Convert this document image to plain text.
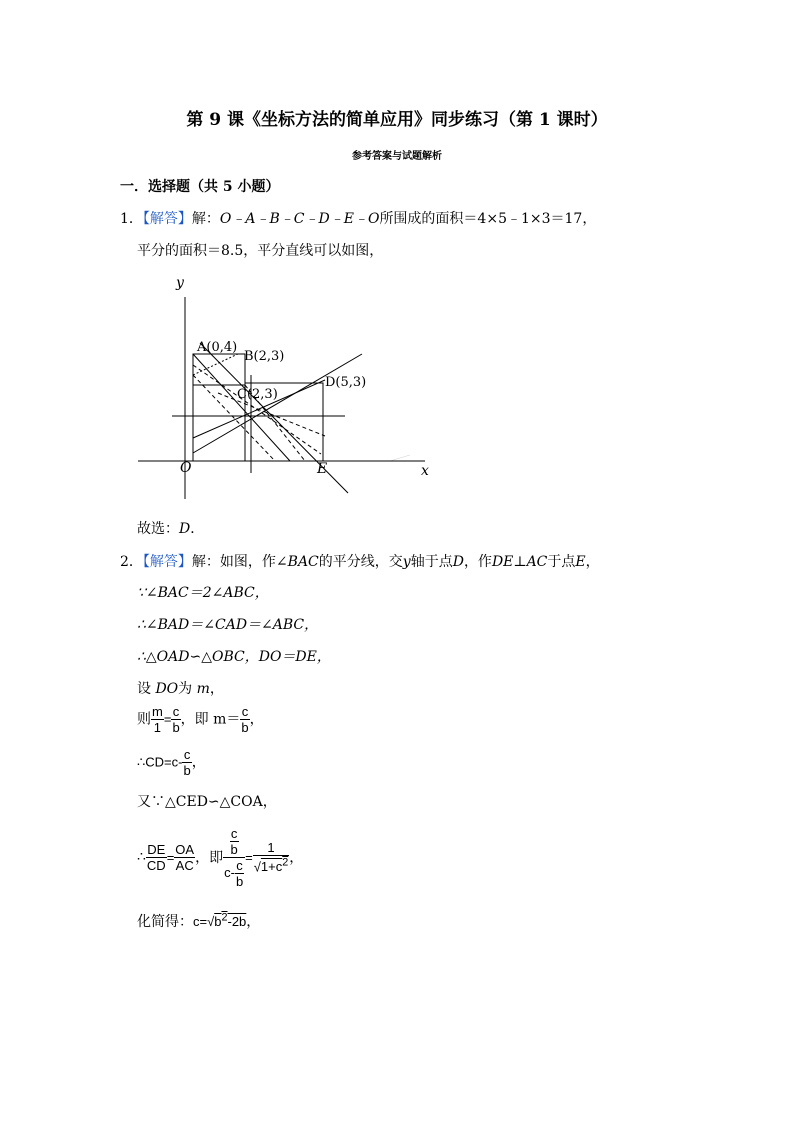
第 9 课《坐标方法的简单应用》同步练习（第 1 课时）
参考答案与试题解析
一．选择题（共 5 小题）
1．【解答】解：O﹣A﹣B﹣C﹣D﹣E﹣O所围成的面积＝4×5﹣1×3＝17，
平分的面积＝8.5，平分直线可以如图，
y
x
O
A(0,4)
B(2,3)
C(2,3)
D(5,3)
E
故选：D．
2．【解答】解：如图，作∠BAC的平分线，交y轴于点D，作DE⊥AC于点E，
∵∠BAC＝2∠ABC，
∴∠BAD＝∠CAD＝∠ABC，
∴△OAD∽△OBC，DO＝DE，
设 DO为 m，
则 $\frac{m}{1} = \frac{c}{b}$ ，即 $m= \frac{c}{b}$ ，
∴CD=c- $\frac{c}{b}$ ，
又∵△CED∽△COA，
∴ $\frac{DE}{CD} = \frac{OA}{AC}$ ，即 $\frac{\frac{c}{b}}{c- \frac{c}{b}} = \frac{1}{√1+c^2}$ ，
化简得：$c=√b^2-2b$，
